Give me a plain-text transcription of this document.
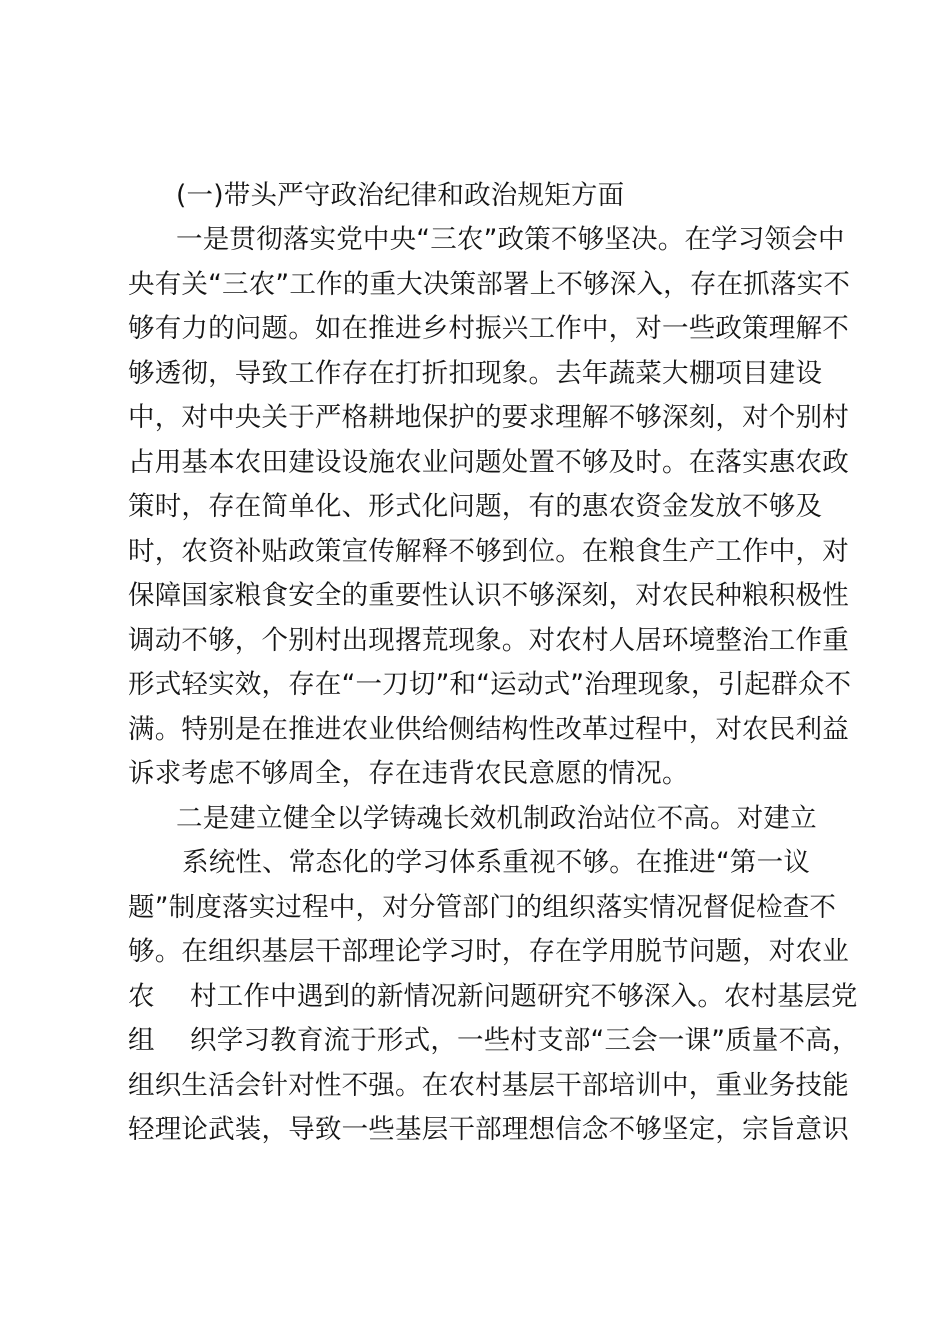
(一)带头严守政治纪律和政治规矩方面
一是贯彻落实党中央“三农”政策不够坚决。在学习领会中
央有关“三农”工作的重大决策部署上不够深入，存在抓落实不
够有力的问题。如在推进乡村振兴工作中，对一些政策理解不
够透彻，导致工作存在打折扣现象。去年蔬菜大棚项目建设
中，对中央关于严格耕地保护的要求理解不够深刻，对个别村
占用基本农田建设设施农业问题处置不够及时。在落实惠农政
策时，存在简单化、形式化问题，有的惠农资金发放不够及
时，农资补贴政策宣传解释不够到位。在粮食生产工作中，对
保障国家粮食安全的重要性认识不够深刻，对农民种粮积极性
调动不够，个别村出现撂荒现象。对农村人居环境整治工作重
形式轻实效，存在“一刀切”和“运动式”治理现象，引起群众不
满。特别是在推进农业供给侧结构性改革过程中，对农民利益
诉求考虑不够周全，存在违背农民意愿的情况。
二是建立健全以学铸魂长效机制政治站位不高。对建立
系统性、常态化的学习体系重视不够。在推进“第一议
题”制度落实过程中，对分管部门的组织落实情况督促检查不
够。在组织基层干部理论学习时，存在学用脱节问题，对农业
农　 村工作中遇到的新情况新问题研究不够深入。农村基层党
组　 织学习教育流于形式，一些村支部“三会一课”质量不高，
组织生活会针对性不强。在农村基层干部培训中，重业务技能
轻理论武装，导致一些基层干部理想信念不够坚定，宗旨意识
